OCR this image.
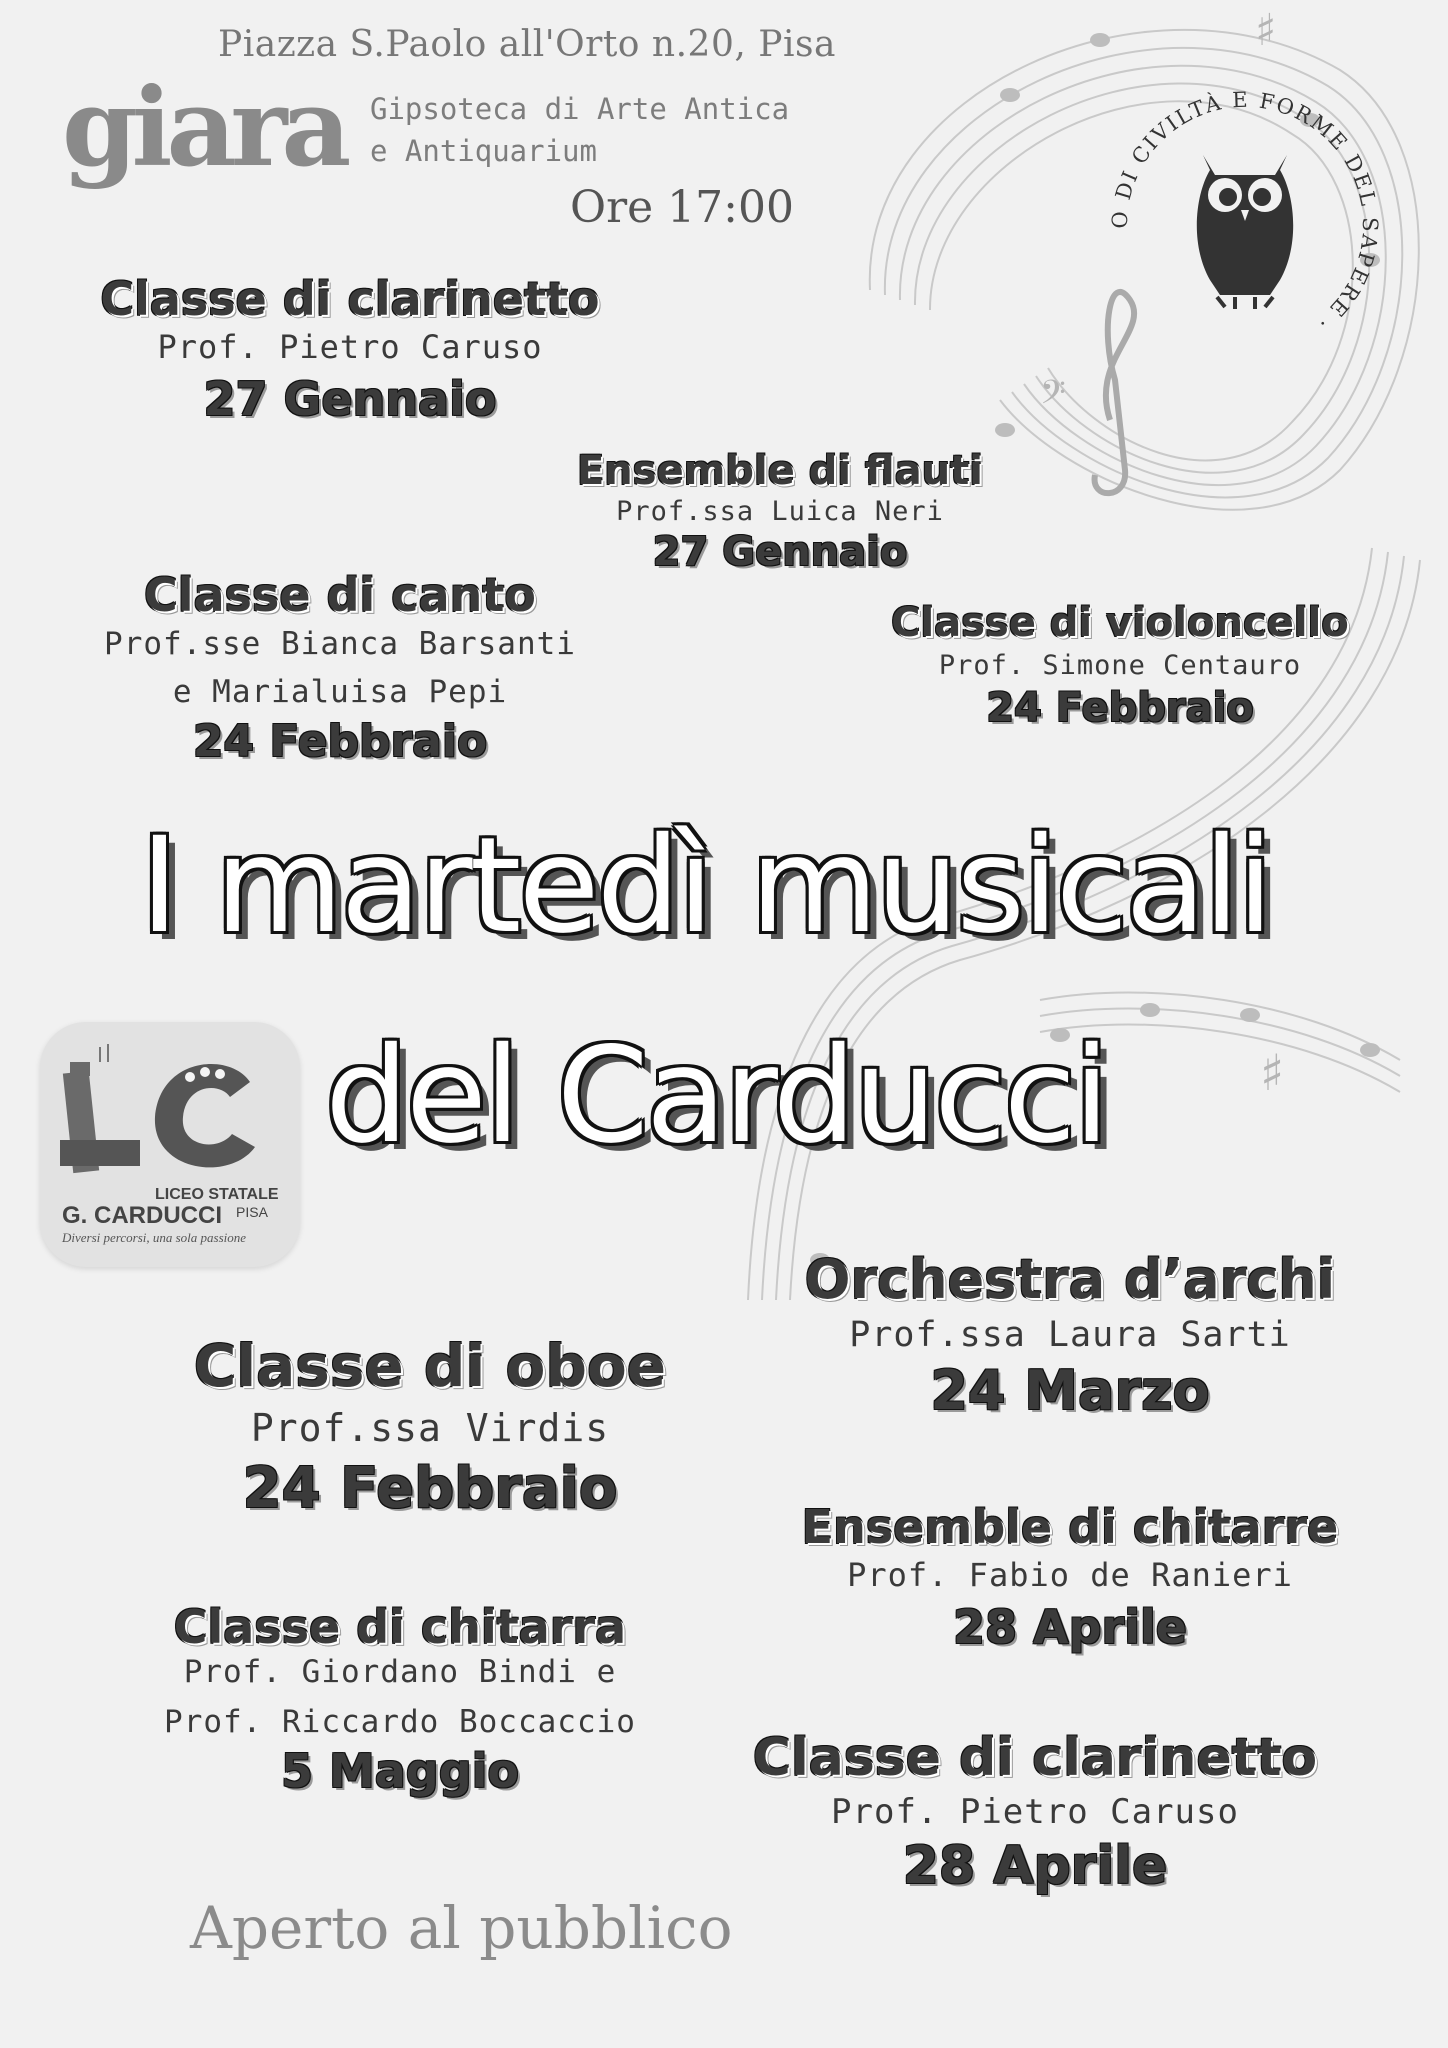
♯
♯
𝄢
Piazza S.Paolo all'Orto n.20, Pisa
giara Gipsoteca di Arte Antica
e Antiquarium
Ore 17:00	O DI CIVILTÀ E FORME DEL SAPERE ·
Classe di clarinetto
Prof. Pietro Caruso
27 Gennaio
Ensemble di flauti
Prof.ssa Luica Neri
27 Gennaio
Classe di canto
Prof.sse Bianca Barsanti
e Marialuisa Pepi
24 Febbraio
Classe di violoncello
Prof. Simone Centauro
24 Febbraio
I martedì musicali
del Carducci
LICEO STATALE
G. CARDUCCI PISA
Diversi percorsi, una sola passione
Orchestra d’archi
Prof.ssa Laura Sarti
24 Marzo
Classe di oboe
Prof.ssa Virdis
24 Febbraio
Ensemble di chitarre
Prof. Fabio de Ranieri
28 Aprile
Classe di chitarra
Prof. Giordano Bindi e
Prof. Riccardo Boccaccio
5 Maggio	Classe di clarinetto
Prof. Pietro Caruso
28 Aprile
Aperto al pubblico
